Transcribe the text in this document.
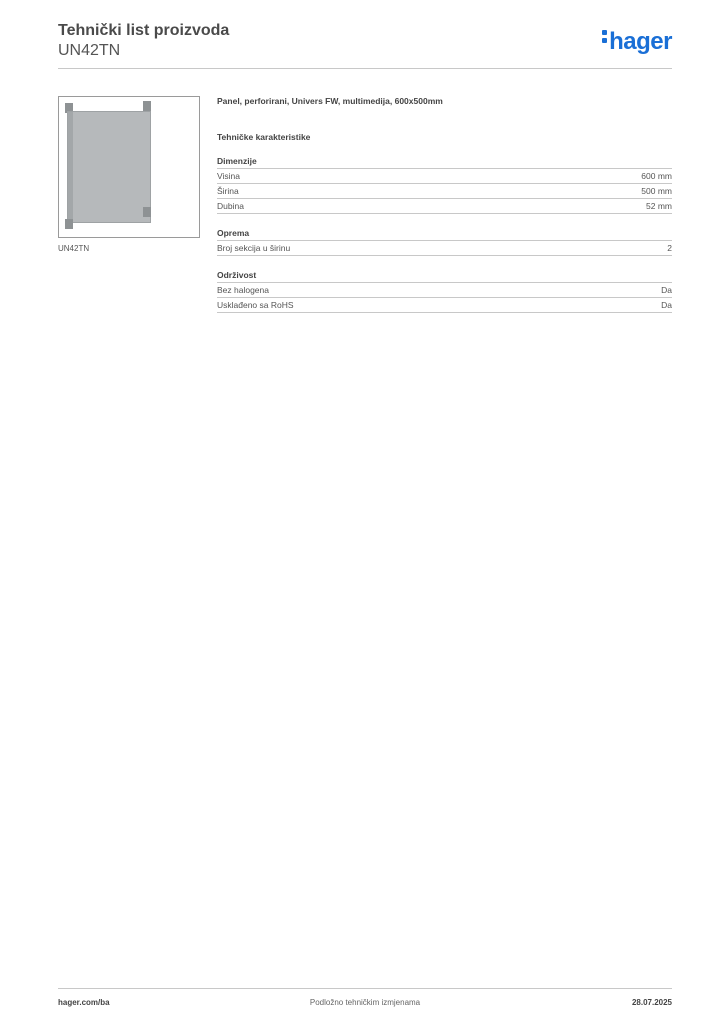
Tehnički list proizvoda
UN42TN	hager
UN42TN

Panel, perforirani, Univers FW, multimedija, 600x500mm

Tehničke karakteristike
Dimenzije
Visina	600 mm
Širina	500 mm
Dubina	52 mm
Oprema
Broj sekcija u širinu	2
Održivost
Bez halogena	Da
Usklađeno sa RoHS	Da
hager.com/ba	Podložno tehničkim izmjenama	28.07.2025
